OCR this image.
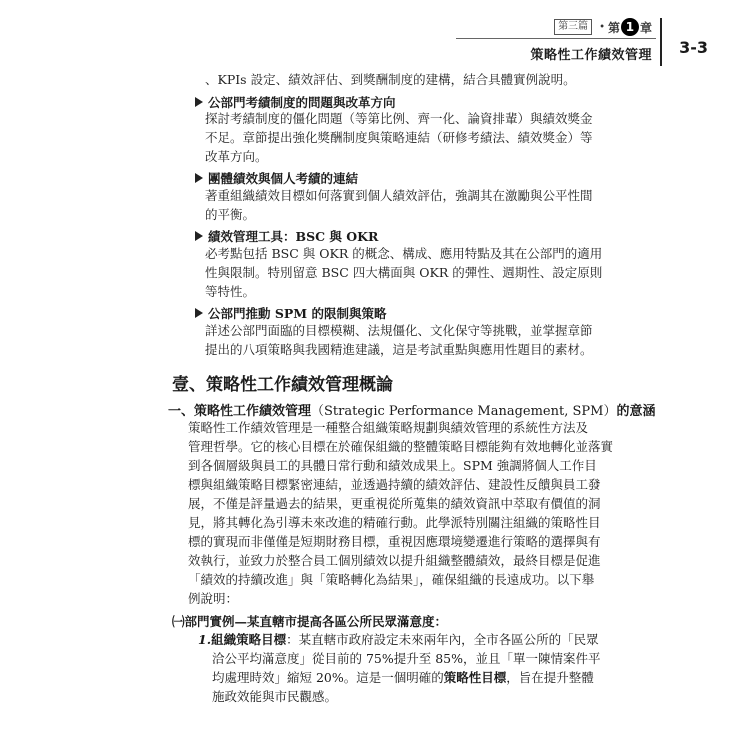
第三篇	• 第 1 章
策略性工作績效管理 3-3
、KPIs 設定、績效評估、到獎酬制度的建構，結合具體實例說明。
公部門考績制度的問題與改革方向
探討考績制度的僵化問題（等第比例、齊一化、論資排輩）與績效獎金
不足。章節提出強化獎酬制度與策略連結（研修考績法、績效獎金）等
改革方向。
團體績效與個人考績的連結
著重組織績效目標如何落實到個人績效評估，強調其在激勵與公平性間
的平衡。
績效管理工具：BSC 與 OKR
必考點包括 BSC 與 OKR 的概念、構成、應用特點及其在公部門的適用
性與限制。特別留意 BSC 四大構面與 OKR 的彈性、週期性、設定原則
等特性。
公部門推動 SPM 的限制與策略
詳述公部門面臨的目標模糊、法規僵化、文化保守等挑戰，並掌握章節
提出的八項策略與我國精進建議，這是考試重點與應用性題目的素材。
壹、策略性工作績效管理概論
一、策略性工作績效管理（Strategic Performance Management, SPM）的意涵
策略性工作績效管理是一種整合組織策略規劃與績效管理的系統性方法及
管理哲學。它的核心目標在於確保組織的整體策略目標能夠有效地轉化並落實
到各個層級與員工的具體日常行動和績效成果上。SPM 強調將個人工作目
標與組織策略目標緊密連結，並透過持續的績效評估、建設性反饋與員工發
展，不僅是評量過去的結果，更重視從所蒐集的績效資訊中萃取有價值的洞
見，將其轉化為引導未來改進的精確行動。此學派特別關注組織的策略性目
標的實現而非僅僅是短期財務目標，重視因應環境變遷進行策略的選擇與有
效執行，並致力於整合員工個別績效以提升組織整體績效，最終目標是促進
「績效的持續改進」與「策略轉化為結果」，確保組織的長遠成功。以下舉
例說明：
㈠部門實例—某直轄市提高各區公所民眾滿意度：
1.組織策略目標：某直轄市政府設定未來兩年內，全市各區公所的「民眾
洽公平均滿意度」從目前的 75%提升至 85%，並且「單一陳情案件平
均處理時效」縮短 20%。這是一個明確的策略性目標，旨在提升整體
施政效能與市民觀感。
